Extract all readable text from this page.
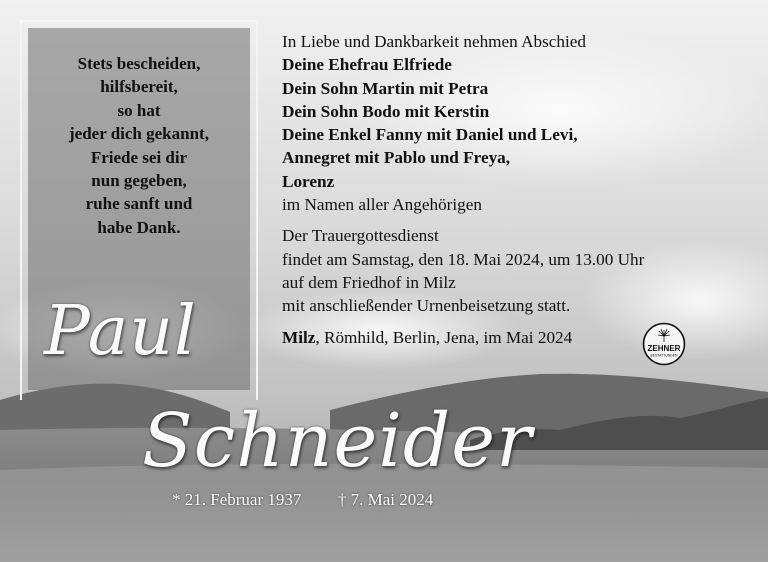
Stets bescheiden,
hilfsbereit,
so hat
jeder dich gekannt,
Friede sei dir
nun gegeben,
ruhe sanft und
habe Dank.
In Liebe und Dankbarkeit nehmen Abschied
Deine Ehefrau Elfriede
Dein Sohn Martin mit Petra
Dein Sohn Bodo mit Kerstin
Deine Enkel Fanny mit Daniel und Levi,
Annegret mit Pablo und Freya,
Lorenz
im Namen aller Angehörigen
Der Trauergottesdienst
findet am Samstag, den 18. Mai 2024, um 13.00 Uhr
auf dem Friedhof in Milz
mit anschließender Urnenbeisetzung statt.
Milz, Römhild, Berlin, Jena, im Mai 2024
ZEHNER
BESTATTUNGEN
Paul
Schneider
* 21. Februar 1937 † 7. Mai 2024
